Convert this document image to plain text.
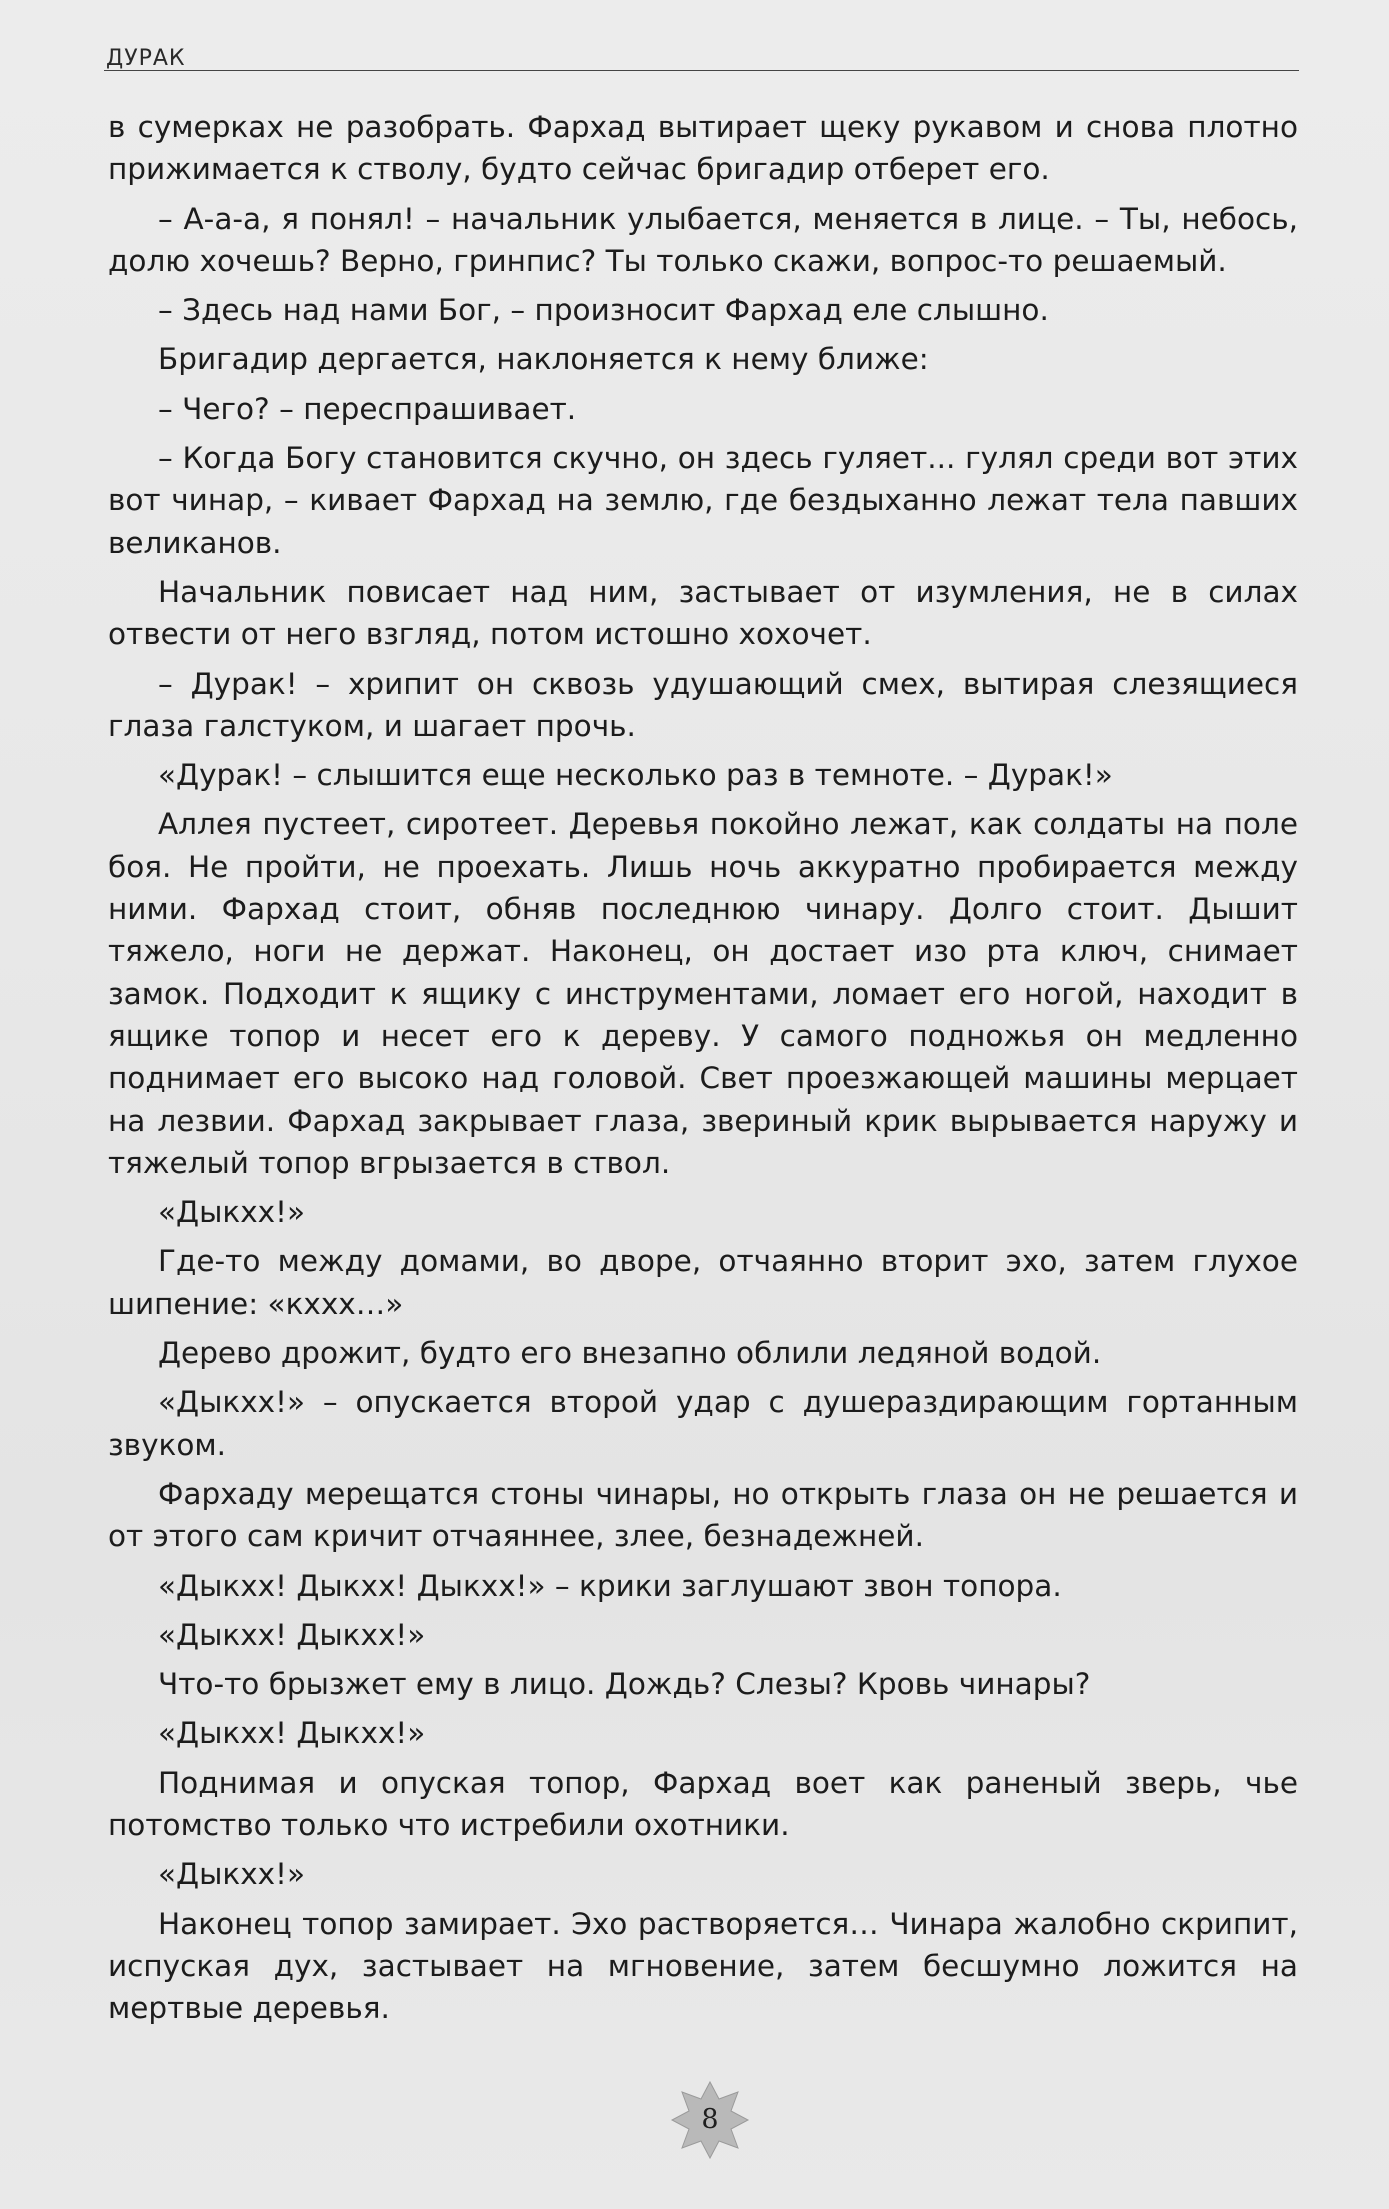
ДУРАК

в сумерках не разобрать. Фархад вытирает щеку рукавом и снова плотно прижимается к стволу, будто сейчас бригадир отберет его.

– А-а-а, я понял! – начальник улыбается, меняется в лице. – Ты, небось, долю хочешь? Верно, гринпис? Ты только скажи, вопрос-то решаемый.

– Здесь над нами Бог, – произносит Фархад еле слышно.

Бригадир дергается, наклоняется к нему ближе:

– Чего? – переспрашивает.

– Когда Богу становится скучно, он здесь гуляет... гулял среди вот этих вот чинар, – кивает Фархад на землю, где бездыханно лежат тела павших великанов.

Начальник повисает над ним, застывает от изумления, не в силах отвести от него взгляд, потом истошно хохочет.

– Дурак! – хрипит он сквозь удушающий смех, вытирая слезящиеся глаза галстуком, и шагает прочь.

«Дурак! – слышится еще несколько раз в темноте. – Дурак!»

Аллея пустеет, сиротеет. Деревья покойно лежат, как солдаты на поле боя. Не пройти, не проехать. Лишь ночь аккуратно пробирается между ними. Фархад стоит, обняв последнюю чинару. Долго стоит. Дышит тяжело, ноги не держат. Наконец, он достает изо рта ключ, снимает замок. Подходит к ящику с инструментами, ломает его ногой, находит в ящике топор и несет его к дереву. У самого подножья он медленно поднимает его высоко над головой. Свет проезжающей машины мерцает на лезвии. Фархад закрывает глаза, звериный крик вырывается наружу и тяжелый топор вгрызается в ствол.

«Дыкхх!»

Где-то между домами, во дворе, отчаянно вторит эхо, затем глухое шипение: «кххх…»

Дерево дрожит, будто его внезапно облили ледяной водой.

«Дыкхх!» – опускается второй удар с душераздирающим гортанным звуком.

Фархаду мерещатся стоны чинары, но открыть глаза он не решается и от этого сам кричит отчаяннее, злее, безнадежней.

«Дыкхх! Дыкхх! Дыкхх!» – крики заглушают звон топора.

«Дыкхх! Дыкхх!»

Что-то брызжет ему в лицо. Дождь? Слезы? Кровь чинары?

«Дыкхх! Дыкхх!»

Поднимая и опуская топор, Фархад воет как раненый зверь, чье потомство только что истребили охотники.

«Дыкхх!»

Наконец топор замирает. Эхо растворяется… Чинара жалобно скрипит, испуская дух, застывает на мгновение, затем бесшумно ложится на мертвые деревья.

8
